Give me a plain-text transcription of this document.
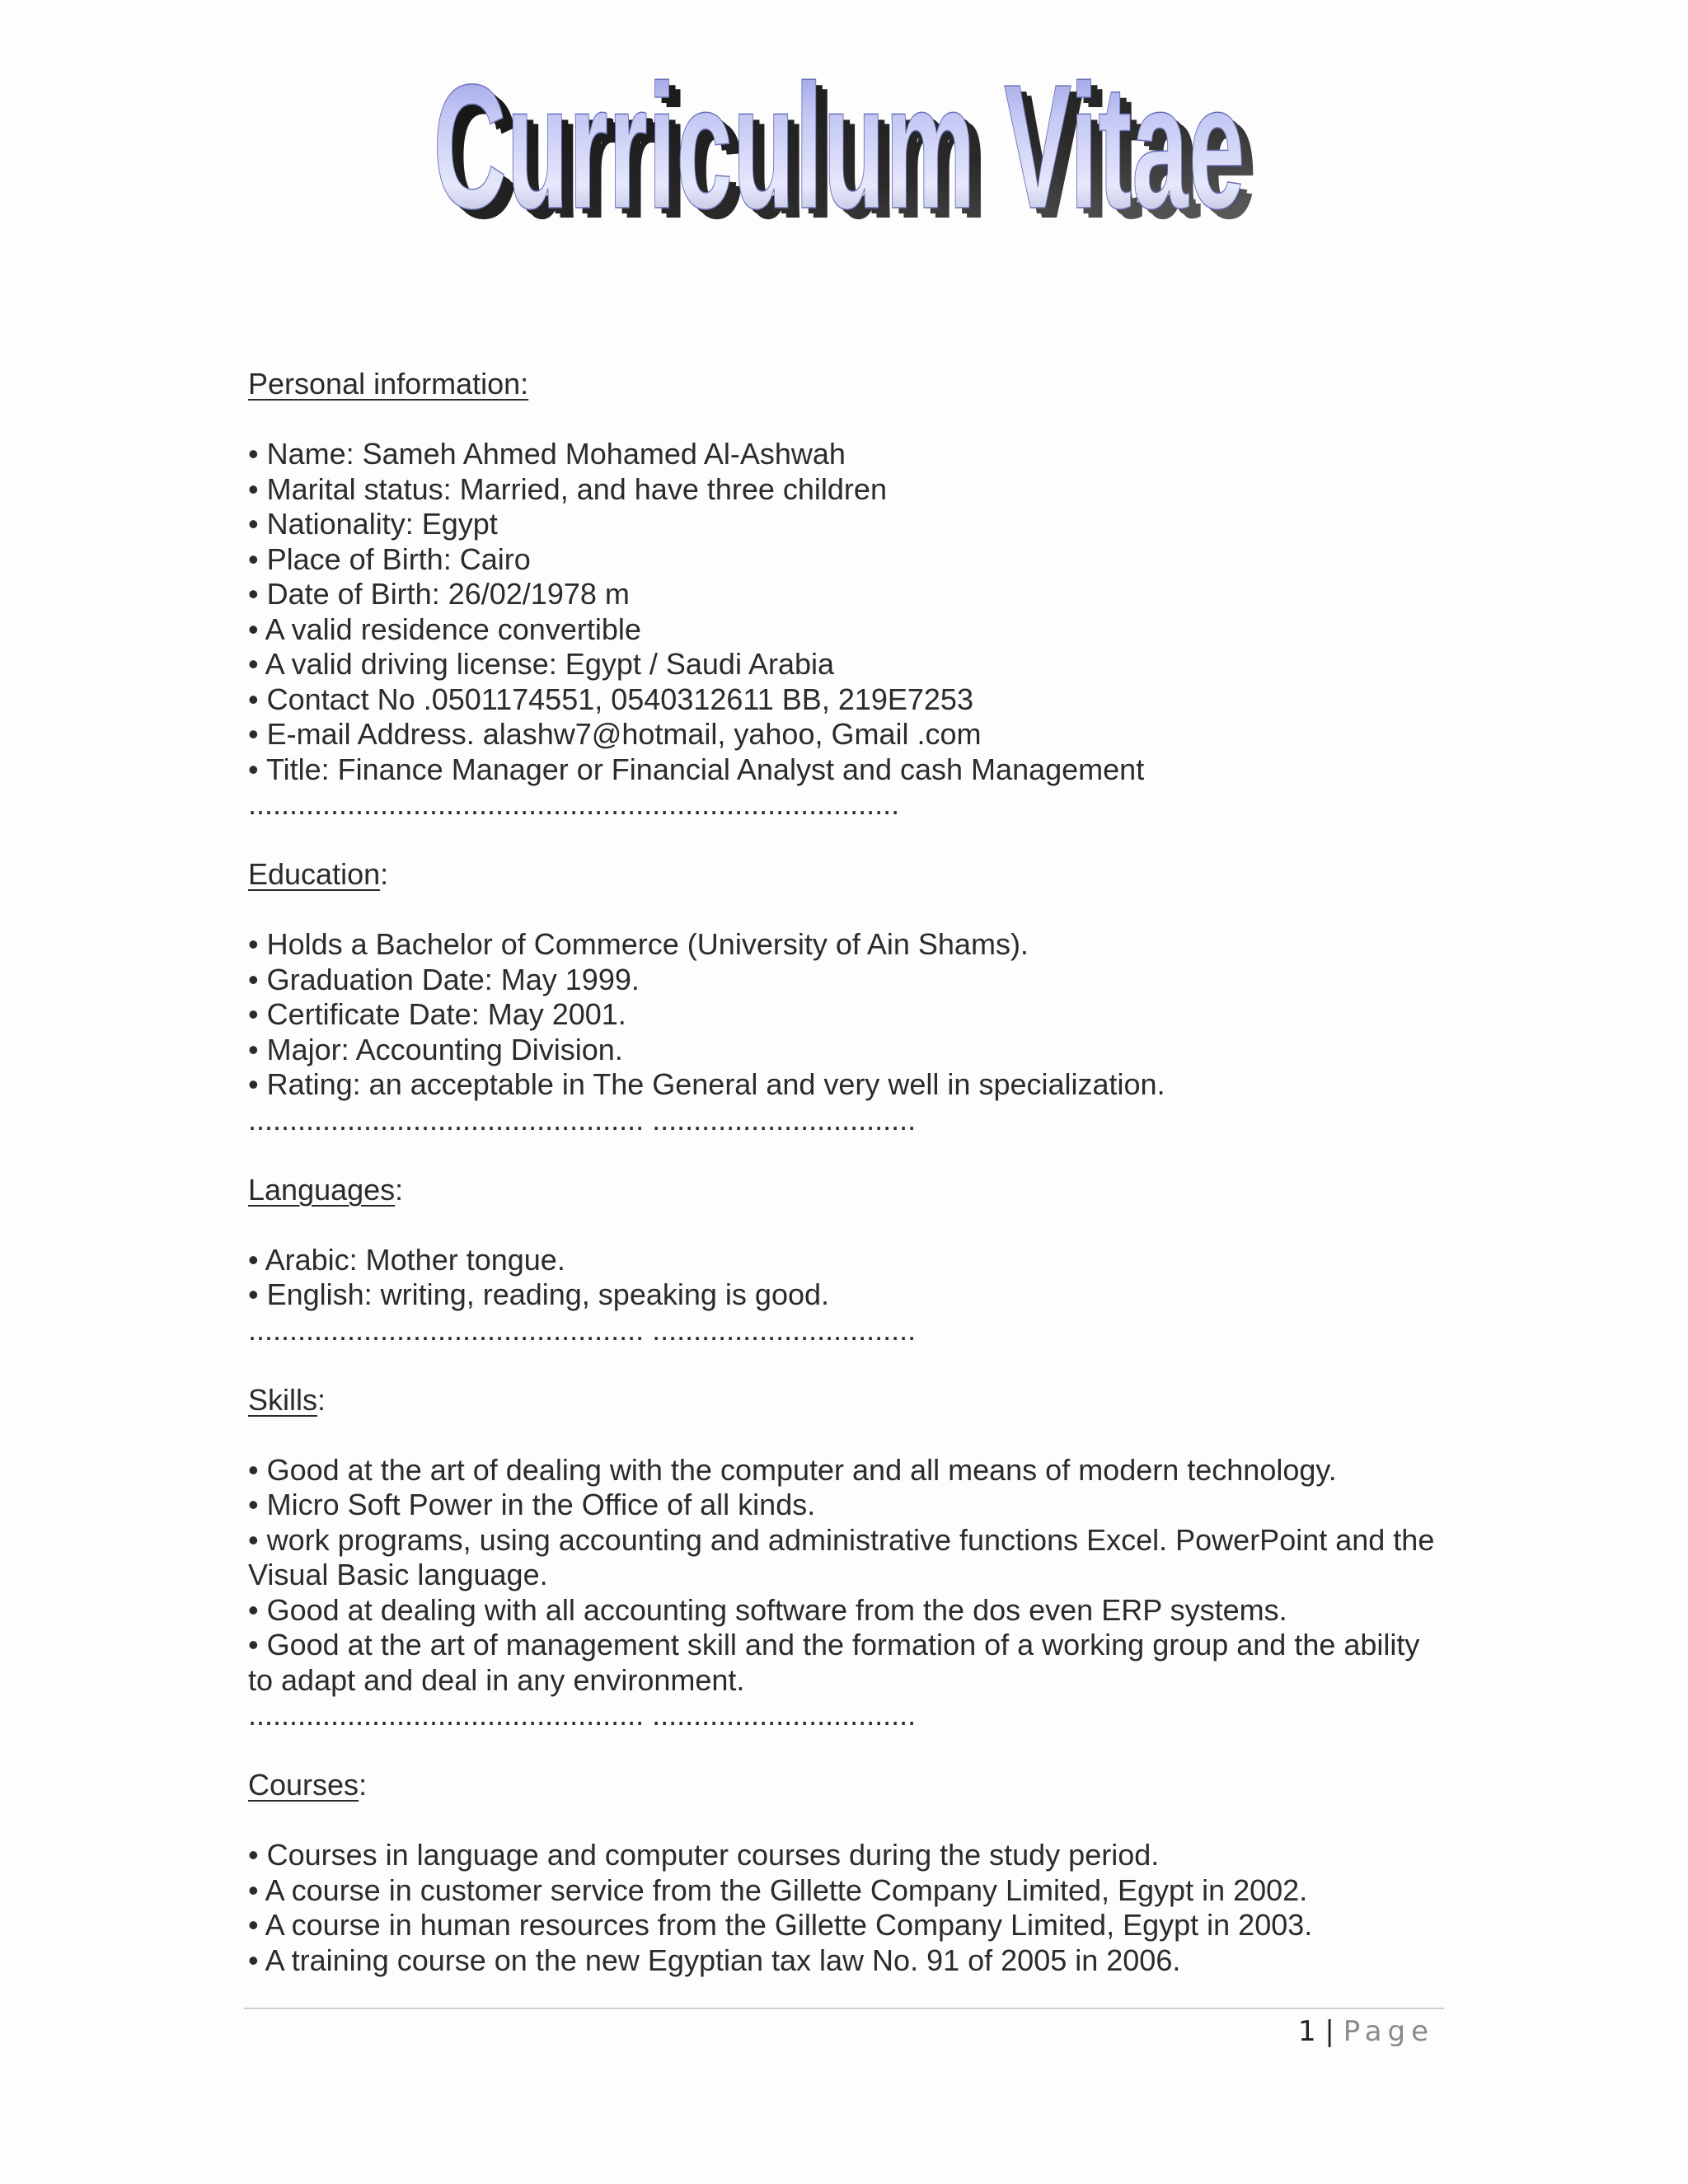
Curriculum Vitae
Curriculum Vitae
Curriculum Vitae
Personal information:
• Name: Sameh Ahmed Mohamed Al-Ashwah
• Marital status: Married, and have three children
• Nationality: Egypt
• Place of Birth: Cairo
• Date of Birth: 26/02/1978 m
• A valid residence convertible
• A valid driving license: Egypt / Saudi Arabia
• Contact No .0501174551, 0540312611 BB, 219E7253
• E-mail Address. alashw7@hotmail, yahoo, Gmail .com
• Title: Finance Manager or Financial Analyst and cash Management
...............................................................................
Education:
• Holds a Bachelor of Commerce (University of Ain Shams).
• Graduation Date: May 1999.
• Certificate Date: May 2001.
• Major: Accounting Division.
• Rating: an acceptable in The General and very well in specialization.
................................................ ................................
Languages:
• Arabic: Mother tongue.
• English: writing, reading, speaking is good.
................................................ ................................
Skills:
• Good at the art of dealing with the computer and all means of modern technology.
• Micro Soft Power in the Office of all kinds.
• work programs, using accounting and administrative functions Excel. PowerPoint and the Visual Basic language.
• Good at dealing with all accounting software from the dos even ERP systems.
• Good at the art of management skill and the formation of a working group and the ability to adapt and deal in any environment.
................................................ ................................
Courses:
• Courses in language and computer courses during the study period.
• A course in customer service from the Gillette Company Limited, Egypt in 2002.
• A course in human resources from the Gillette Company Limited, Egypt in 2003.
• A training course on the new Egyptian tax law No. 91 of 2005 in 2006.
1 | Page
